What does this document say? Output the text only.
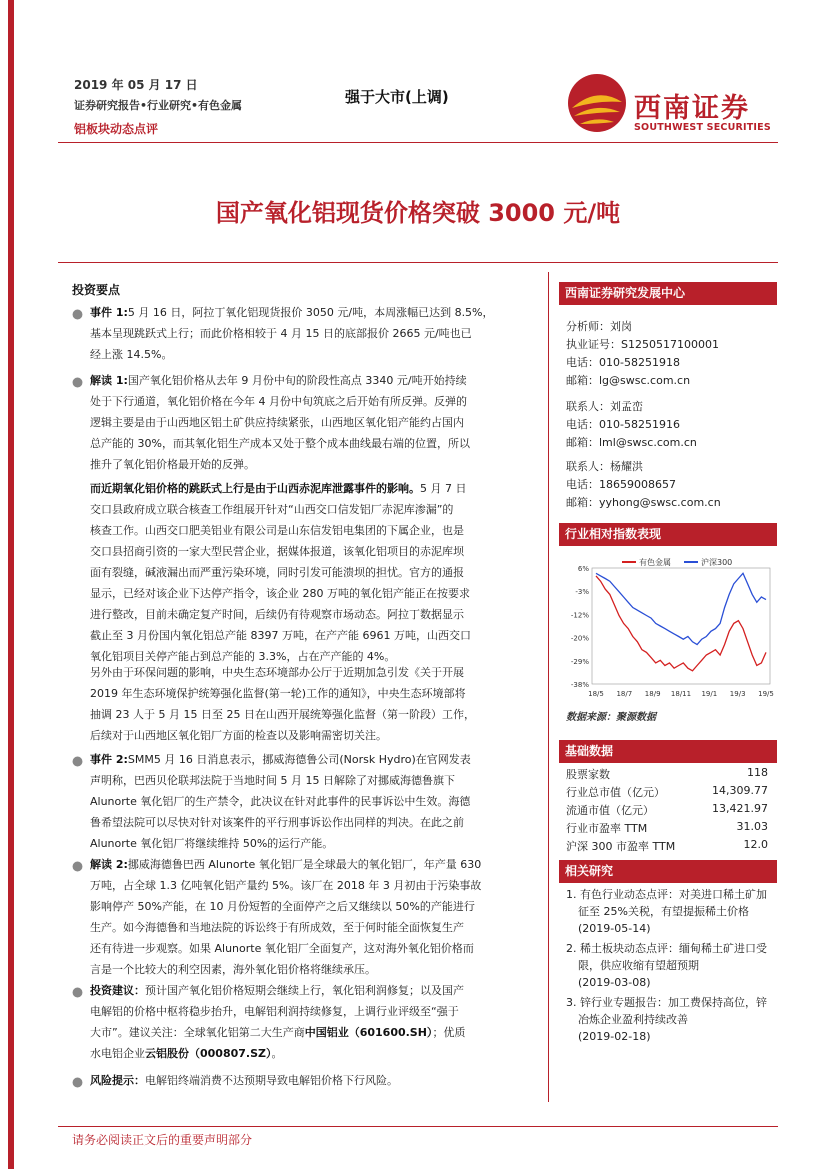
2019 年 05 月 17 日
证券研究报告•行业研究•有色金属
铝板块动态点评
强于大市(上调)	西南证券
SOUTHWEST SECURITIES
国产氧化铝现货价格突破 3000 元/吨
投资要点
事件 1:5 月 16 日，阿拉丁氧化铝现货报价 3050 元/吨，本周涨幅已达到 8.5%，
基本呈现跳跃式上行；而此价格相较于 4 月 15 日的底部报价 2665 元/吨也已
经上涨 14.5%。
解读 1:国产氧化铝价格从去年 9 月份中旬的阶段性高点 3340 元/吨开始持续
处于下行通道，氧化铝价格在今年 4 月份中旬筑底之后开始有所反弹。反弹的
逻辑主要是由于山西地区铝土矿供应持续紧张，山西地区氧化铝产能约占国内
总产能的 30%，而其氧化铝生产成本又处于整个成本曲线最右端的位置，所以
推升了氧化铝价格最开始的反弹。
而近期氧化铝价格的跳跃式上行是由于山西赤泥库泄露事件的影响。5 月 7 日
交口县政府成立联合核查工作组展开针对“山西交口信发铝厂赤泥库渗漏”的
核查工作。山西交口肥美铝业有限公司是山东信发铝电集团的下属企业，也是
交口县招商引资的一家大型民营企业，据媒体报道，该氧化铝项目的赤泥库坝
面有裂缝，碱液漏出而严重污染环境，同时引发可能溃坝的担忧。官方的通报
显示，已经对该企业下达停产指令，该企业 280 万吨的氧化铝产能正在按要求
进行整改，目前未确定复产时间，后续仍有待观察市场动态。阿拉丁数据显示
截止至 3 月份国内氧化铝总产能 8397 万吨，在产产能 6961 万吨，山西交口
氧化铝项目关停产能占到总产能的 3.3%，占在产产能的 4%。
另外由于环保问题的影响，中央生态环境部办公厅于近期加急引发《关于开展
2019 年生态环境保护统筹强化监督(第一轮)工作的通知》，中央生态环境部将
抽调 23 人于 5 月 15 日至 25 日在山西开展统筹强化监督（第一阶段）工作，
后续对于山西地区氧化铝厂方面的检查以及影响需密切关注。
事件 2:SMM5 月 16 日消息表示，挪威海德鲁公司(Norsk Hydro)在官网发表
声明称，巴西贝伦联邦法院于当地时间 5 月 15 日解除了对挪威海德鲁旗下
Alunorte 氧化铝厂的生产禁令，此决议在针对此事件的民事诉讼中生效。海德
鲁希望法院可以尽快对针对该案件的平行刑事诉讼作出同样的判决。在此之前
Alunorte 氧化铝厂将继续维持 50%的运行产能。
解读 2:挪威海德鲁巴西 Alunorte 氧化铝厂是全球最大的氧化铝厂，年产量 630
万吨，占全球 1.3 亿吨氧化铝产量约 5%。该厂在 2018 年 3 月初由于污染事故
影响停产 50%产能，在 10 月份短暂的全面停产之后又继续以 50%的产能进行
生产。如今海德鲁和当地法院的诉讼终于有所成效，至于何时能全面恢复生产
还有待进一步观察。如果 Alunorte 氧化铝厂全面复产，这对海外氧化铝价格而
言是一个比较大的利空因素，海外氧化铝价格将继续承压。
投资建议：预计国产氧化铝价格短期会继续上行，氧化铝利润修复；以及国产
电解铝的价格中枢将稳步抬升，电解铝利润持续修复，上调行业评级至“强于
大市”。建议关注：全球氧化铝第二大生产商中国铝业（601600.SH）；优质
水电铝企业云铝股份（000807.SZ）。
风险提示：电解铝终端消费不达预期导致电解铝价格下行风险。
西南证券研究发展中心
分析师：刘岗
执业证号：S1250517100001
电话：010-58251918
邮箱：lg@swsc.com.cn
联系人：刘孟峦
电话：010-58251916
邮箱：lml@swsc.com.cn
联系人：杨耀洪
电话：18659008657
邮箱：yyhong@swsc.com.cn
行业相对指数表现
有色金属	沪深300
6%
-3%
-12%
-20%
-29%
-38%
18/5 18/7 18/9 18/11 19/1 19/3 19/5
数据来源：聚源数据
基础数据
股票家数	118
行业总市值（亿元）	14,309.77
流通市值（亿元）	13,421.97
行业市盈率 TTM	31.03
沪深 300 市盈率 TTM	12.0
相关研究
1. 有色行业动态点评：对美进口稀土矿加
征至 25%关税，有望提振稀土价格
(2019-05-14)
2. 稀土板块动态点评：缅甸稀土矿进口受
限，供应收缩有望超预期
(2019-03-08)
3. 锌行业专题报告：加工费保持高位，锌
冶炼企业盈利持续改善
(2019-02-18)
请务必阅读正文后的重要声明部分
